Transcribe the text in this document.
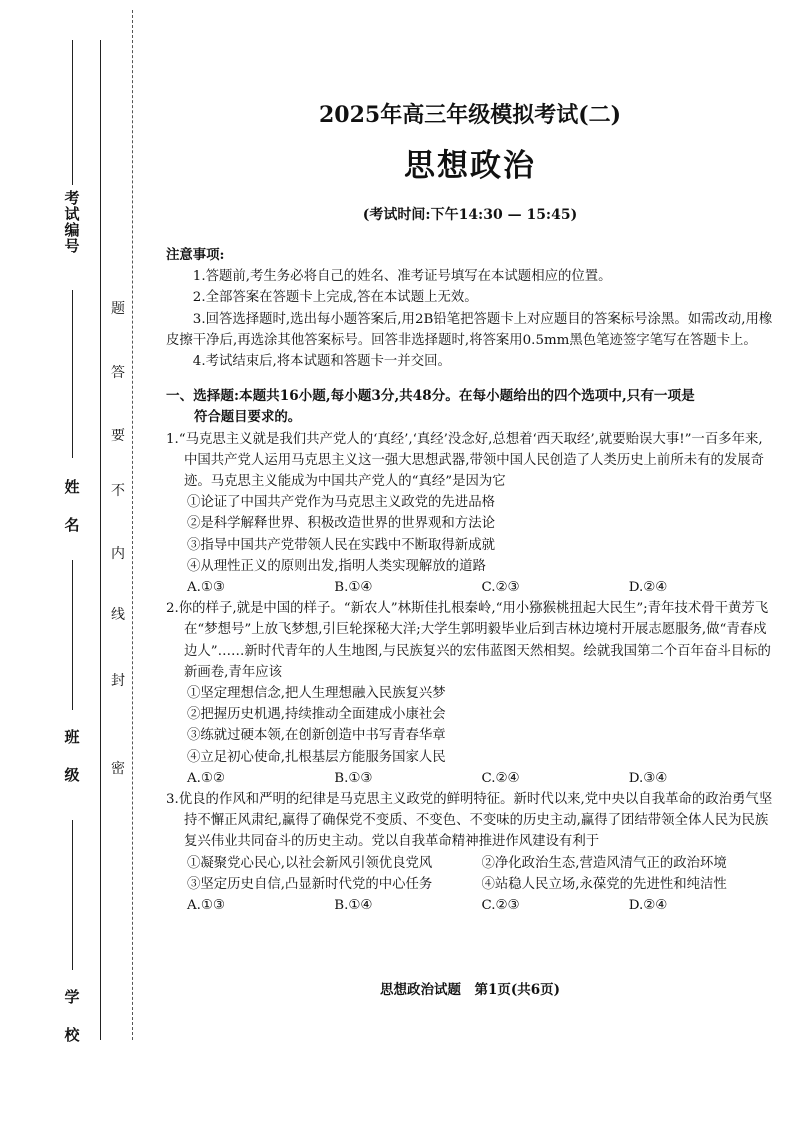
考
试
编
号
姓
名
班
级
学
校
密
封
线
内
不
要
答
题
2025年高三年级模拟考试(二)
思想政治
(考试时间:下午14:30 — 15:45)

注意事项:

1.答题前,考生务必将自己的姓名、准考证号填写在本试题相应的位置。

2.全部答案在答题卡上完成,答在本试题上无效。

3.回答选择题时,选出每小题答案后,用2B铅笔把答题卡上对应题目的答案标号涂黑。如需改动,用橡皮擦干净后,再选涂其他答案标号。回答非选择题时,将答案用0.5mm黑色笔迹签字笔写在答题卡上。

4.考试结束后,将本试题和答题卡一并交回。

一、选择题:本题共16小题,每小题3分,共48分。在每小题给出的四个选项中,只有一项是

符合题目要求的。

1.“马克思主义就是我们共产党人的‘真经’,‘真经’没念好,总想着‘西天取经’,就要贻误大事!”一百多年来,中国共产党人运用马克思主义这一强大思想武器,带领中国人民创造了人类历史上前所未有的发展奇迹。马克思主义能成为中国共产党人的“真经”是因为它

①论证了中国共产党作为马克思主义政党的先进品格
②是科学解释世界、积极改造世界的世界观和方法论
③指导中国共产党带领人民在实践中不断取得新成就
④从理性正义的原则出发,指明人类实现解放的道路
A.①③	B.①④	C.②③	D.②④

2.你的样子,就是中国的样子。“新农人”林斯佳扎根秦岭,“用小猕猴桃扭起大民生”;青年技术骨干黄芳飞在“梦想号”上放飞梦想,引巨轮探秘大洋;大学生郭明毅毕业后到吉林边境村开展志愿服务,做“青春戍边人”……新时代青年的人生地图,与民族复兴的宏伟蓝图天然相契。绘就我国第二个百年奋斗目标的新画卷,青年应该

①坚定理想信念,把人生理想融入民族复兴梦
②把握历史机遇,持续推动全面建成小康社会
③练就过硬本领,在创新创造中书写青春华章
④立足初心使命,扎根基层方能服务国家人民
A.①②	B.①③	C.②④	D.③④

3.优良的作风和严明的纪律是马克思主义政党的鲜明特征。新时代以来,党中央以自我革命的政治勇气坚持不懈正风肃纪,赢得了确保党不变质、不变色、不变味的历史主动,赢得了团结带领全体人民为民族复兴伟业共同奋斗的历史主动。党以自我革命精神推进作风建设有利于

①凝聚党心民心,以社会新风引领优良党风	②净化政治生态,营造风清气正的政治环境
③坚定历史自信,凸显新时代党的中心任务	④站稳人民立场,永葆党的先进性和纯洁性
A.①③	B.①④	C.②③	D.②④
思想政治试题　第1页(共6页)
